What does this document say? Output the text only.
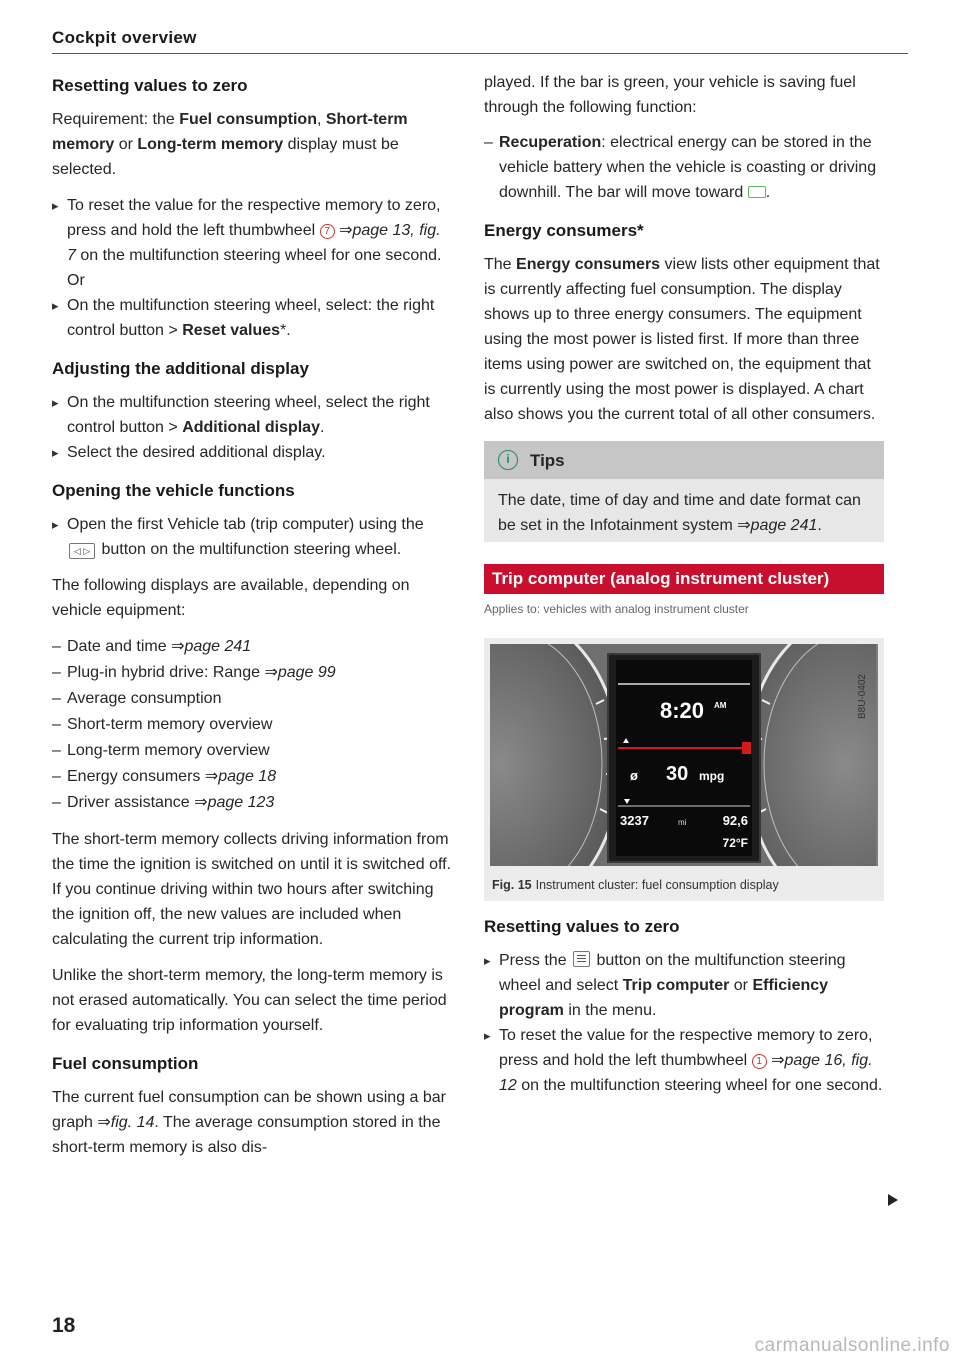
Cockpit overview
Resetting values to zero

Requirement: the Fuel consumption, Short-term memory or Long-term memory display must be selected.

▸ To reset the value for the respective memory to zero, press and hold the left thumbwheel 7 ⇒page 13, fig. 7 on the multifunction steering wheel for one second. Or
▸ On the multifunction steering wheel, select: the right control button > Reset values*.
Adjusting the additional display
▸ On the multifunction steering wheel, select the right control button > Additional display.
▸ Select the desired additional display.
Opening the vehicle functions
▸ Open the first Vehicle tab (trip computer) using the ◁ ▷ button on the multifunction steering wheel.

The following displays are available, depending on vehicle equipment:

– Date and time ⇒page 241
– Plug-in hybrid drive: Range ⇒page 99
– Average consumption
– Short-term memory overview
– Long-term memory overview
– Energy consumers ⇒page 18
– Driver assistance ⇒page 123

The short-term memory collects driving information from the time the ignition is switched on until it is switched off. If you continue driving within two hours after switching the ignition off, the new values are included when calculating the current trip information.

Unlike the short-term memory, the long-term memory is not erased automatically. You can select the time period for evaluating trip information yourself.

Fuel consumption

The current fuel consumption can be shown using a bar graph ⇒fig. 14. The average consumption stored in the short-term memory is also dis-

played. If the bar is green, your vehicle is saving fuel through the following function:

– Recuperation: electrical energy can be stored in the vehicle battery when the vehicle is coasting or driving downhill. The bar will move toward .
Energy consumers*

The Energy consumers view lists other equipment that is currently affecting fuel consumption. The display shows up to three energy consumers. The equipment using the most power is listed first. If more than three items using power are switched on, the equipment that is currently using the most power is displayed. A chart also shows you the current total of all other consumers.

i	Tips
The date, time of day and time and date format can be set in the Infotainment system ⇒page 241.
Trip computer (analog instrument cluster)
Applies to: vehicles with analog instrument cluster
8:20 AM
ø 30 mpg
3237	mi	92,6
72°F
B8U-0402
Fig. 15 Instrument cluster: fuel consumption display
Resetting values to zero
▸ Press the  button on the multifunction steering wheel and select Trip computer or Efficiency program in the menu.
▸ To reset the value for the respective memory to zero, press and hold the left thumbwheel 1 ⇒page 16, fig. 12 on the multifunction steering wheel for one second.
18
carmanualsonline.info
